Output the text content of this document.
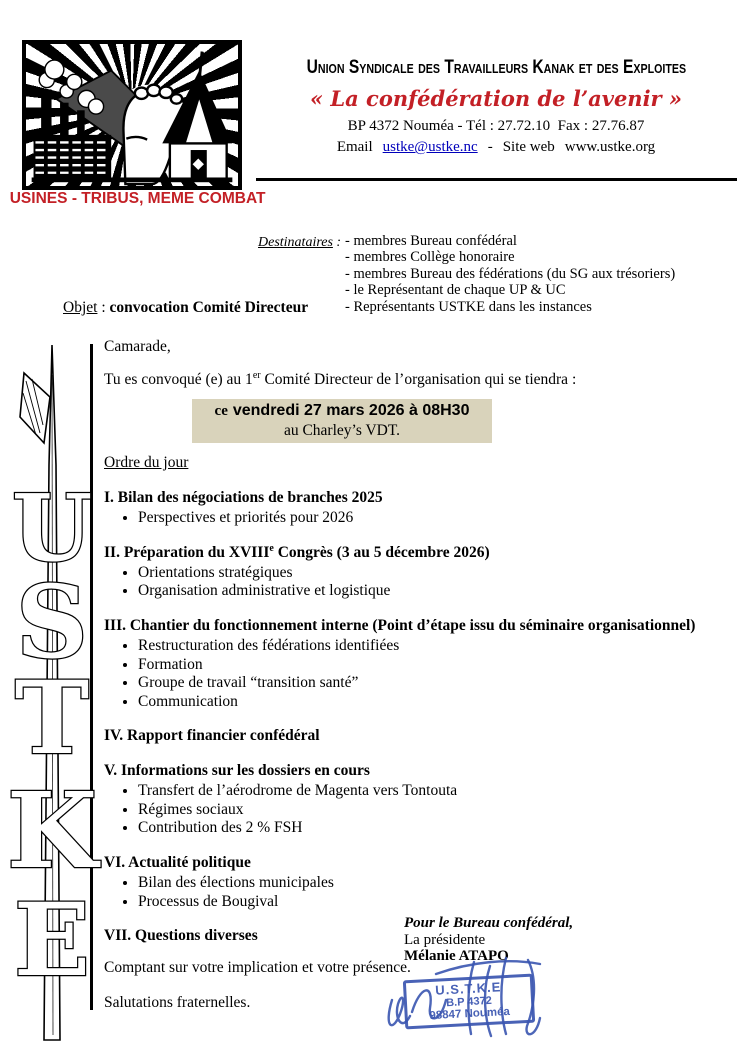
USINES - TRIBUS, MEME COMBAT
Union Syndicale des Travailleurs Kanak et des Exploites
« La confédération de l’avenir »
BP 4372 Nouméa - Tél : 27.72.10  Fax : 27.76.87
Email ustke@ustke.nc - Site web www.ustke.org
Destinataires : - membres Bureau confédéral
- membres Collège honoraire
- membres Bureau des fédérations (du SG aux trésoriers)
- le Représentant de chaque UP & UC
- Représentants USTKE dans les instances
Objet : convocation Comité Directeur
U
S
T
K
E

Camarade,

Tu es convoqué (e) au 1er Comité Directeur de l’organisation qui se tiendra :

ce vendredi 27 mars 2026 à 08H30
au Charley’s VDT.

Ordre du jour

I. Bilan des négociations de branches 2025
• Perspectives et priorités pour 2026
II. Préparation du XVIIIe Congrès (3 au 5 décembre 2026)
• Orientations stratégiques
• Organisation administrative et logistique
III. Chantier du fonctionnement interne (Point d’étape issu du séminaire organisationnel)
• Restructuration des fédérations identifiées
• Formation
• Groupe de travail “transition santé”
• Communication
IV. Rapport financier confédéral
V. Informations sur les dossiers en cours
• Transfert de l’aérodrome de Magenta vers Tontouta
• Régimes sociaux
• Contribution des 2 % FSH
VI. Actualité politique
• Bilan des élections municipales
• Processus de Bougival
VII. Questions diverses

Comptant sur votre implication et votre présence.

Salutations fraternelles.

Pour le Bureau confédéral,
La présidente
Mélanie ATAPO
U.S.T.K.E
B.P 4372
98847 Nouméa
